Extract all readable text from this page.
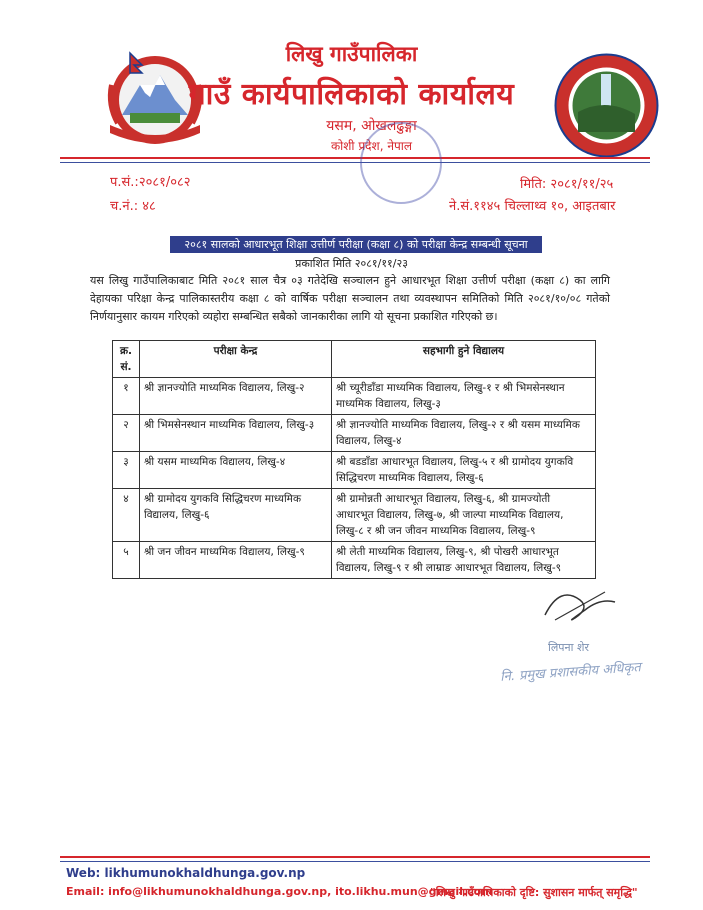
लिखु गाउँपालिका
गाउँ कार्यपालिकाको कार्यालय
यसम, ओखलढुङ्गा
कोशी प्रदेश, नेपाल
प.सं.:२०८१/०८२
च.नं.: ४८
मिति: २०८१/११/२५
ने.सं.११४५ चिल्लाथ्व १०, आइतबार
२०८१ सालको आधारभूत शिक्षा उत्तीर्ण परीक्षा (कक्षा ८) को परीक्षा केन्द्र सम्बन्धी सूचना
प्रकाशित मिति २०८१/११/२३
यस लिखु गाउँपालिकाबाट मिति २०८१ साल चैत्र ०३ गतेदेखि सञ्चालन हुने आधारभूत शिक्षा उत्तीर्ण परीक्षा (कक्षा ८) का लागि देहायका परिक्षा केन्द्र पालिकास्तरीय कक्षा ८ को वार्षिक परीक्षा सञ्चालन तथा व्यवस्थापन समितिको मिति २०८१/१०/०८ गतेको निर्णयानुसार कायम गरिएको व्यहोरा सम्बन्धित सबैको जानकारीका लागि यो सूचना प्रकाशित गरिएको छ।
क्र. सं.	परीक्षा केन्द्र	सहभागी हुने विद्यालय
१	श्री ज्ञानज्योति माध्यमिक विद्यालय, लिखु-२	श्री च्यूरीडाँडा माध्यमिक विद्यालय, लिखु-१ र श्री भिमसेनस्थान माध्यमिक विद्यालय, लिखु-३
२	श्री भिमसेनस्थान माध्यमिक विद्यालय, लिखु-३	श्री ज्ञानज्योति माध्यमिक विद्यालय, लिखु-२ र श्री यसम माध्यमिक विद्यालय, लिखु-४
३	श्री यसम माध्यमिक विद्यालय, लिखु-४	श्री बडडाँडा आधारभूत विद्यालय, लिखु-५ र श्री ग्रामोदय युगकवि सिद्धिचरण माध्यमिक विद्यालय, लिखु-६
४	श्री ग्रामोदय युगकवि सिद्धिचरण माध्यमिक विद्यालय, लिखु-६	श्री ग्रामोन्नती आधारभूत विद्यालय, लिखु-६, श्री ग्रामज्योती आधारभूत विद्यालय, लिखु-७, श्री जाल्पा माध्यमिक विद्यालय, लिखु-८ र श्री जन जीवन माध्यमिक विद्यालय, लिखु-९
५	श्री जन जीवन माध्यमिक विद्यालय, लिखु-९	श्री लेती माध्यमिक विद्यालय, लिखु-९, श्री पोखरी आधारभूत विद्यालय, लिखु-९ र श्री लाम्राङ आधारभूत विद्यालय, लिखु-९
लिपना शेर
नि. प्रमुख प्रशासकीय अधिकृत
Web: likhumunokhaldhunga.gov.np
Email: info@likhumunokhaldhunga.gov.np, ito.likhu.mun@gmail.com
"लिखु गाउँपालिकाको दृष्टि: सुशासन मार्फत् समृद्धि"
